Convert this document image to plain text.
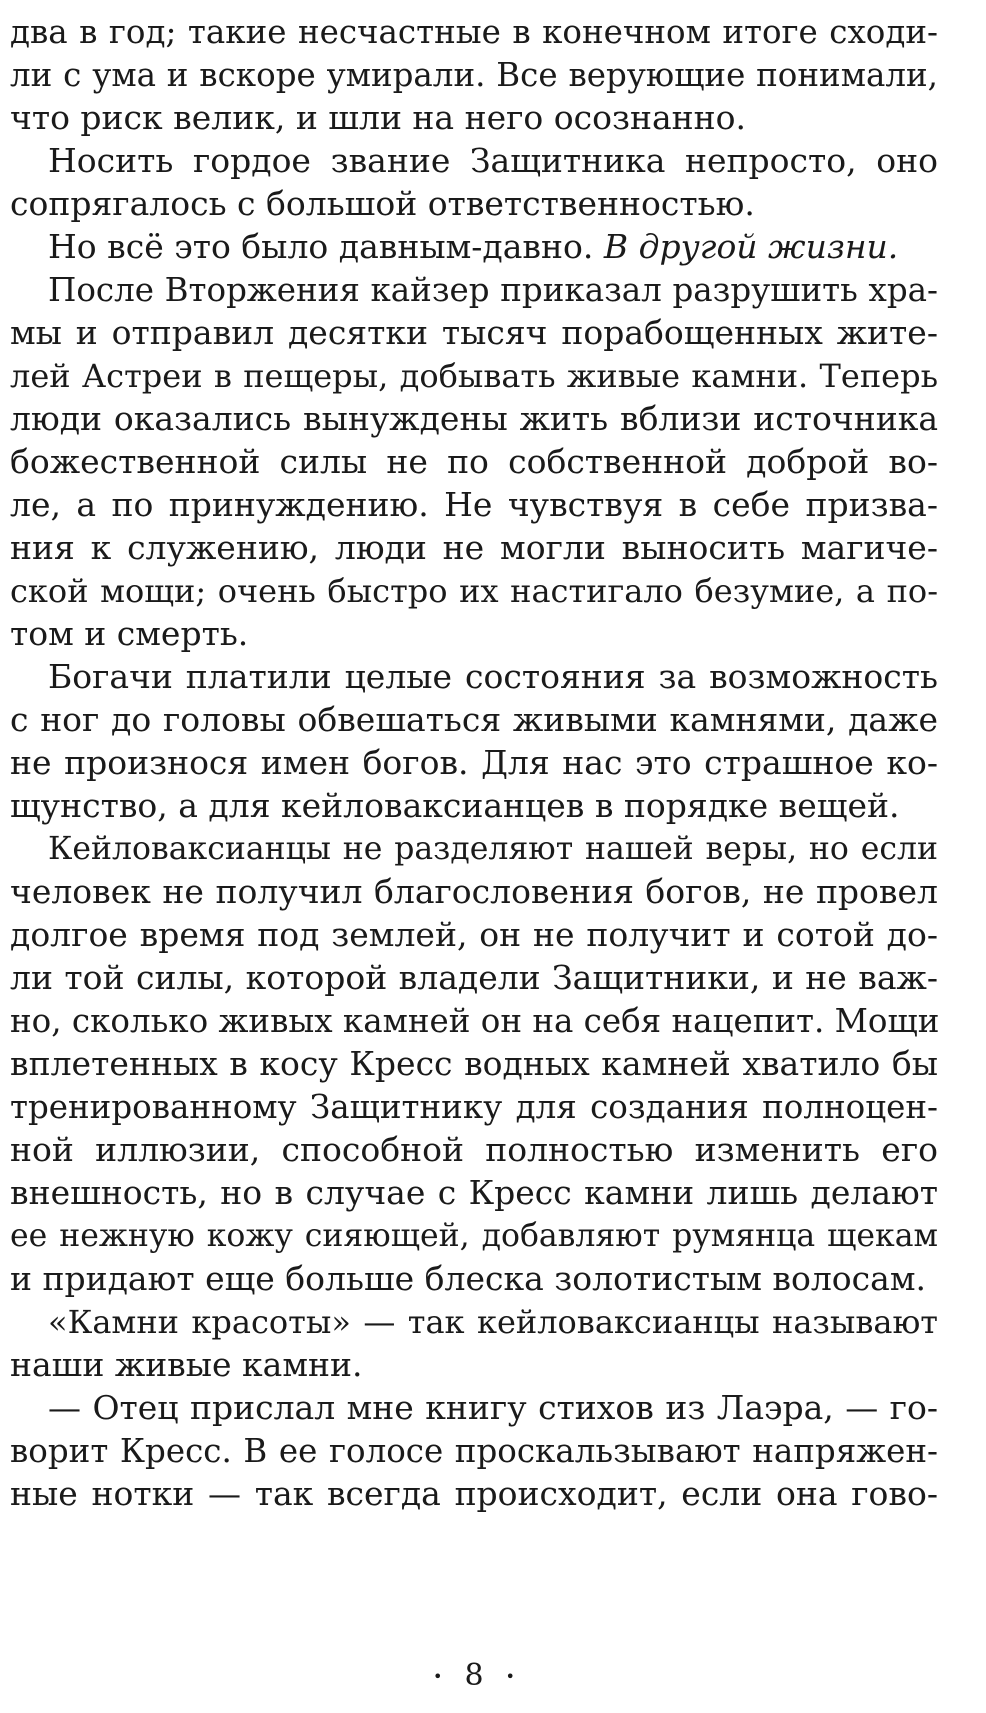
два в год; такие несчастные в конечном итоге сходи-
ли с ума и вскоре умирали. Все верующие понимали,
что риск велик, и шли на него осознанно.
Носить гордое звание Защитника непросто, оно
сопрягалось с большой ответственностью.
Но всё это было давным-давно. В другой жизни.
После Вторжения кайзер приказал разрушить хра-
мы и отправил десятки тысяч порабощенных жите-
лей Астреи в пещеры, добывать живые камни. Теперь
люди оказались вынуждены жить вблизи источника
божественной силы не по собственной доброй во-
ле, а по принуждению. Не чувствуя в себе призва-
ния к служению, люди не могли выносить магиче-
ской мощи; очень быстро их настигало безумие, а по-
том и смерть.
Богачи платили целые состояния за возможность
с ног до головы обвешаться живыми камнями, даже
не произнося имен богов. Для нас это страшное ко-
щунство, а для кейловаксианцев в порядке вещей.
Кейловаксианцы не разделяют нашей веры, но если
человек не получил благословения богов, не провел
долгое время под землей, он не получит и сотой до-
ли той силы, которой владели Защитники, и не важ-
но, сколько живых камней он на себя нацепит. Мощи
вплетенных в косу Кресс водных камней хватило бы
тренированному Защитнику для создания полноцен-
ной иллюзии, способной полностью изменить его
внешность, но в случае с Кресс камни лишь делают
ее нежную кожу сияющей, добавляют румянца щекам
и придают еще больше блеска золотистым волосам.
«Камни красоты» — так кейловаксианцы называют
наши живые камни.
— Отец прислал мне книгу стихов из Лаэра, — го-
ворит Кресс. В ее голосе проскальзывают напряжен-
ные нотки — так всегда происходит, если она гово-
• 8 •
